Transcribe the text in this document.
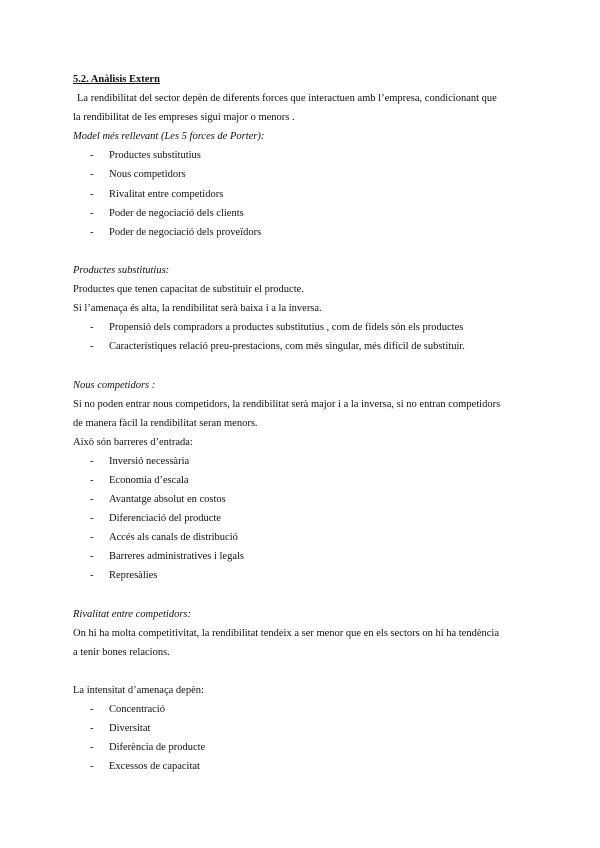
5.2. Anàlisis Extern

La rendibilitat del sector depèn de diferents forces que interactuen amb l’empresa, condicionant que

la rendibilitat de les empreses sigui major o menors .

Model més rellevant (Les 5 forces de Porter):

- Productes substitutius
- Nous competidors
- Rivalitat entre competidors
- Poder de negociació dels clients
- Poder de negociació dels proveïdors

Productes substitutius:

Productes que tenen capacitat de substituir el producte.

Si l’amenaça és alta, la rendibilitat serà baixa i a la inversa.

- Propensió dels compradors a productes substitutius , com de fidels són els productes
- Característiques relació preu-prestacions, com més singular, més difícil de substituir.

Nous competidors :

Si no poden entrar nous competidors, la rendibilitat serà major i a la inversa, si no entran competidors

de manera fàcil la rendibilitat seran menors.

Això són barreres d’entrada:

- Inversió necessària
- Economia d’escala
- Avantatge absolut en costos
- Diferenciació del producte
- Accés als canals de distribució
- Barreres administratives i legals
- Represàlies

Rivalitat entre competidors:

On hi ha molta competitivitat, la rendibilitat tendeix a ser menor que en els sectors on hi ha tendència

a tenir bones relacions.

La intensitat d’amenaça depèn:

- Concentració
- Diversitat
- Diferència de producte
- Excessos de capacitat
